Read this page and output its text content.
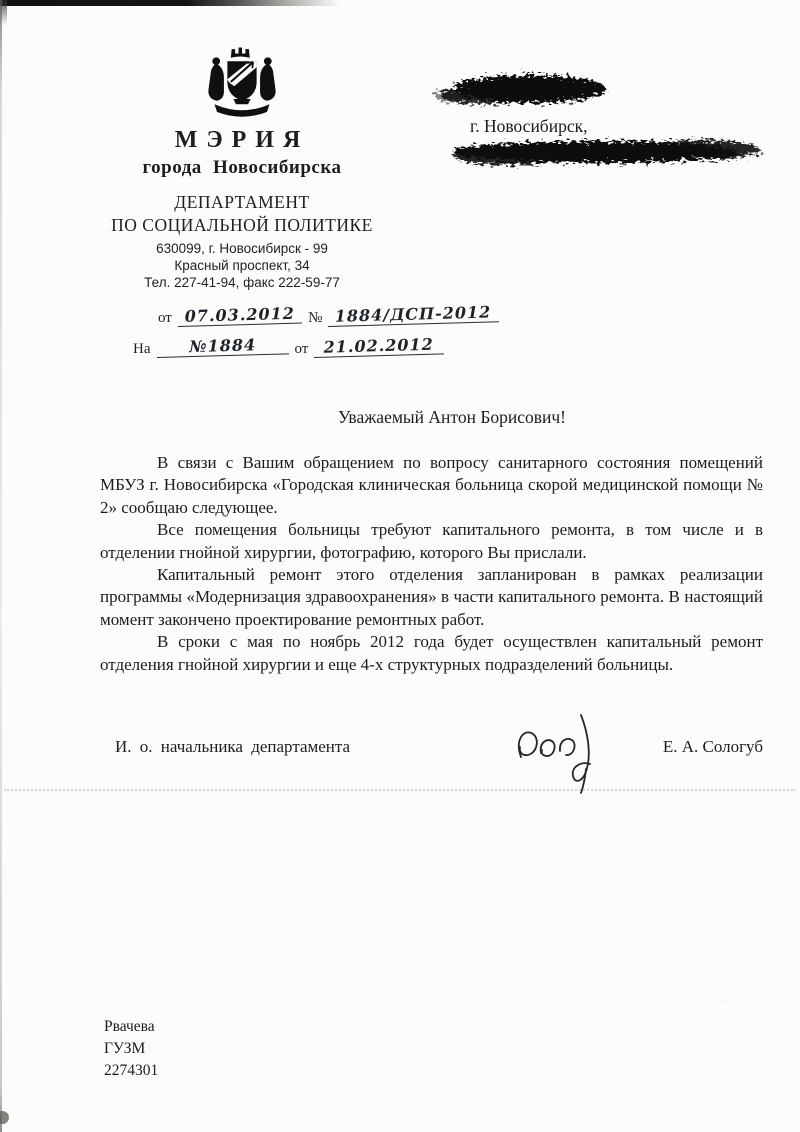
МЭРИЯ
города Новосибирска
ДЕПАРТАМЕНТ
ПО СОЦИАЛЬНОЙ ПОЛИТИКЕ
630099, г. Новосибирск - 99
Красный проспект, 34
Тел. 227-41-94, факс 222-59-77
от 07.03.2012 № 1884/ДСП-2012
На №1884	от 21.02.2012
г. Новосибирск,
Уважаемый Антон Борисович!

В связи с Вашим обращением по вопросу санитарного состояния помещений МБУЗ г. Новосибирска «Городская клиническая больница скорой медицинской помощи № 2» сообщаю следующее.

Все помещения больницы требуют капитального ремонта, в том числе и в отделении гнойной хирургии, фотографию, которого Вы прислали.

Капитальный ремонт этого отделения запланирован в рамках реализации программы «Модернизация здравоохранения» в части капитального ремонта. В настоящий момент закончено проектирование ремонтных работ.

В сроки с мая по ноябрь 2012 года будет осуществлен капитальный ремонт отделения гнойной хирургии и еще 4-х структурных подразделений больницы.

И. о. начальника департамента	Е. А. Сологуб
Рвачева
ГУЗМ
2274301
